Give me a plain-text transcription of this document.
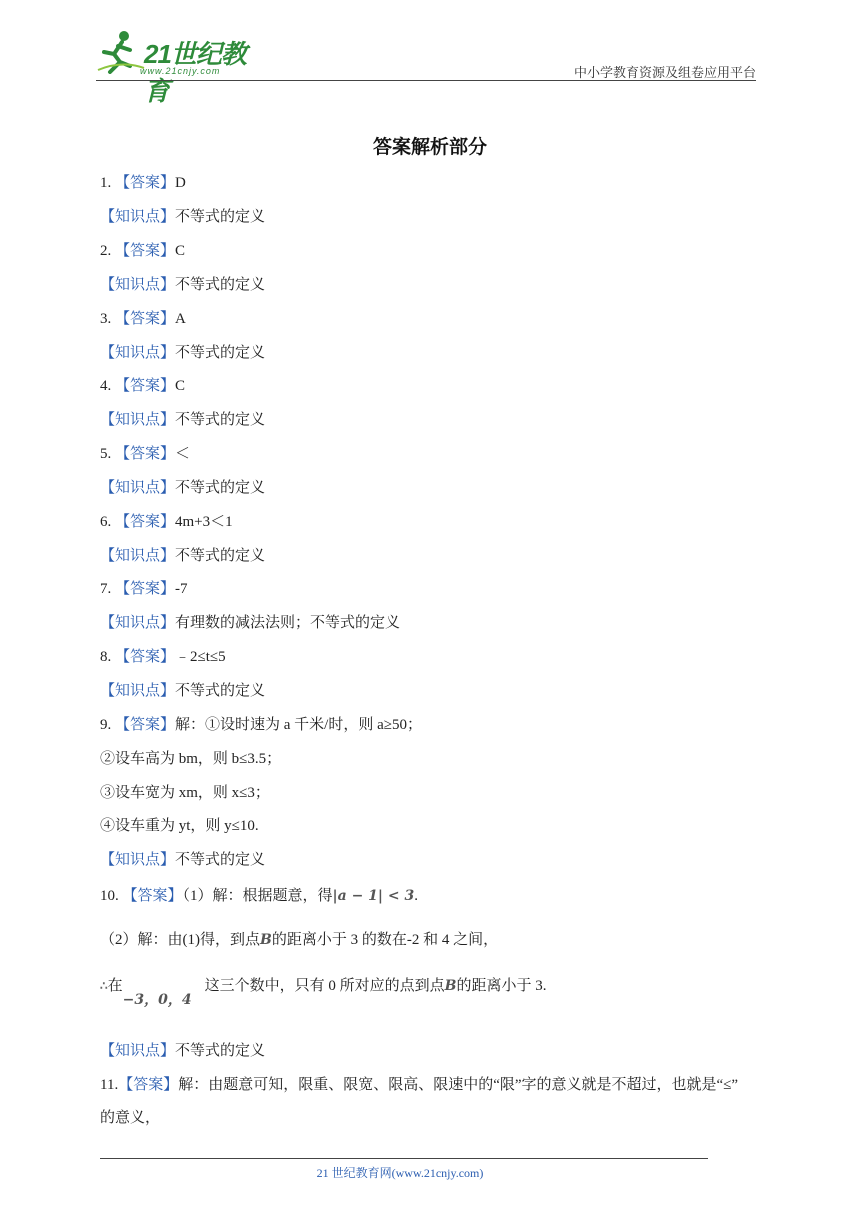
21世纪教育
www.21cnjy.com	中小学教育资源及组卷应用平台
答案解析部分
1. 【答案】D
【知识点】不等式的定义
2. 【答案】C
【知识点】不等式的定义
3. 【答案】A
【知识点】不等式的定义
4. 【答案】C
【知识点】不等式的定义
5. 【答案】＜
【知识点】不等式的定义
6. 【答案】4m+3＜1
【知识点】不等式的定义
7. 【答案】-7
【知识点】有理数的减法法则；不等式的定义
8. 【答案】﹣2≤t≤5
【知识点】不等式的定义
9. 【答案】解：①设时速为 a 千米/时，则 a≥50；
②设车高为 bm，则 b≤3.5；
③设车宽为 xm，则 x≤3；
④设车重为 yt，则 y≤10.
【知识点】不等式的定义
10. 【答案】（1）解：根据题意，得|a − 1| < 3.
（2）解：由(1)得，到点B的距离小于 3 的数在-2 和 4 之间，
∴在−3，0，4这三个数中，只有 0 所对应的点到点B的距离小于 3.
【知识点】不等式的定义
11.【答案】解：由题意可知，限重、限宽、限高、限速中的“限”字的意义就是不超过，也就是“≤”
的意义，
21 世纪教育网(www.21cnjy.com)
